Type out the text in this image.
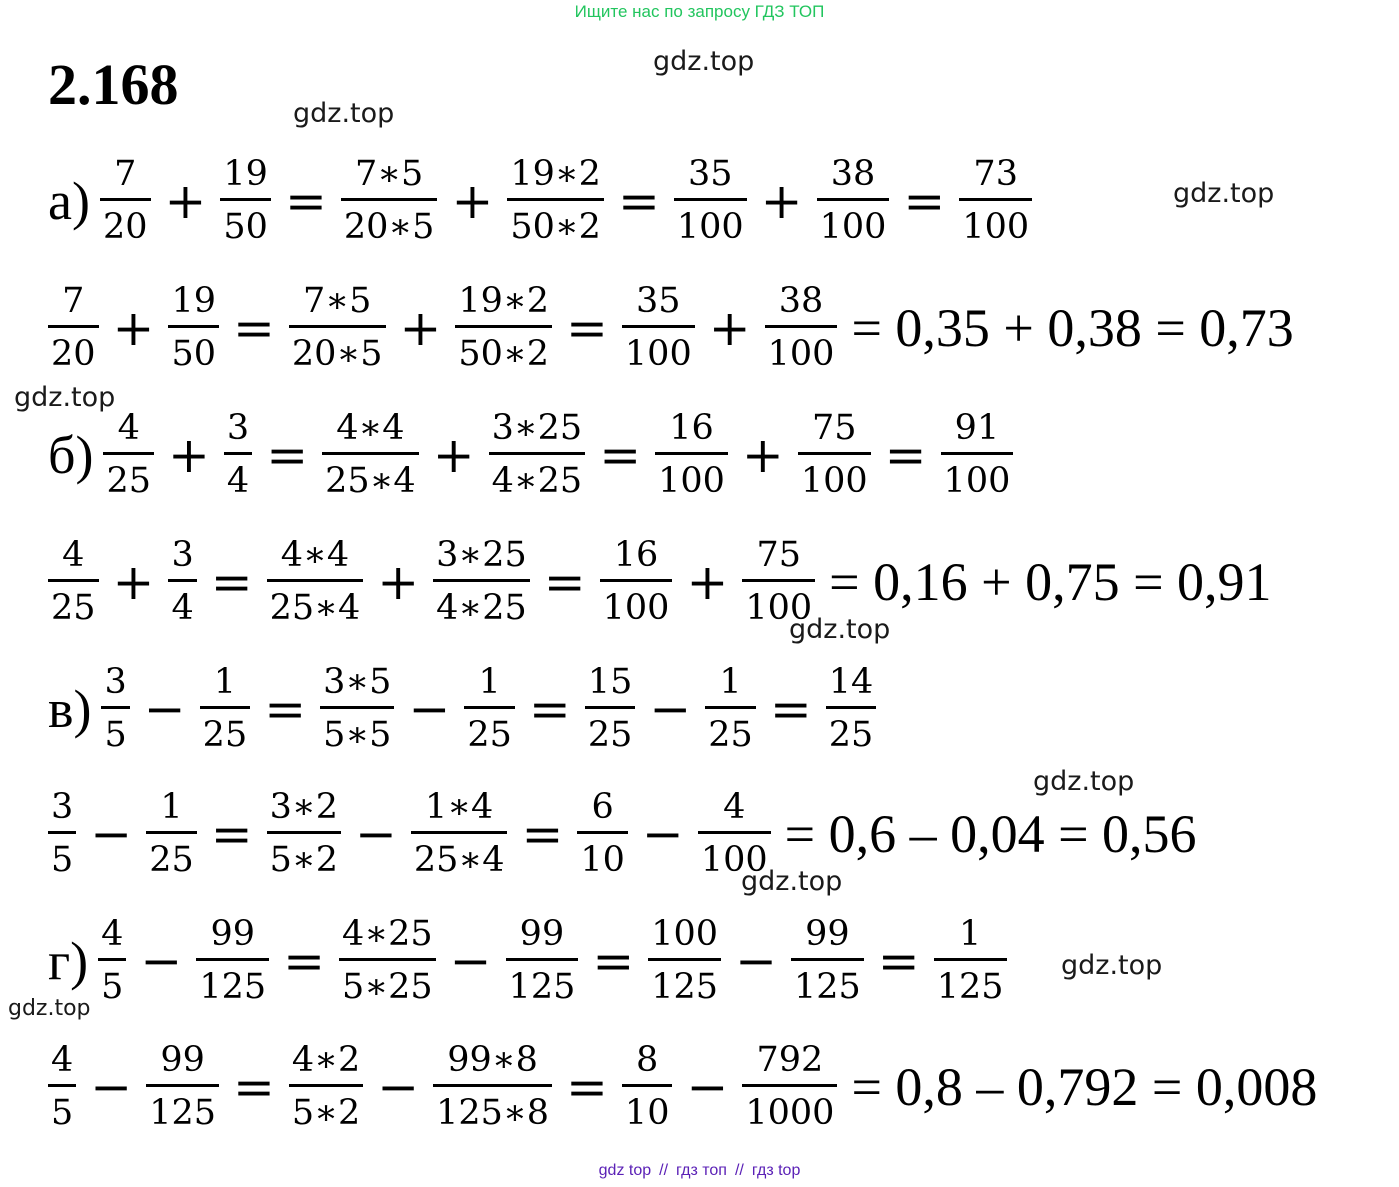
Ищите нас по запросу ГДЗ ТОП
2.168	gdz.top
gdz.top
gdz.top
gdz.top
gdz.top
gdz.top
gdz.top
gdz.top
gdz.top
$а) \frac{7}{20} + \frac{19}{50} = \frac{7∗5}{20∗5} + \frac{19∗2}{50∗2} = \frac{35}{100} + \frac{38}{100} = \frac{73}{100}$
$\frac{7}{20} + \frac{19}{50} = \frac{7∗5}{20∗5} + \frac{19∗2}{50∗2} = \frac{35}{100} + \frac{38}{100} = 0,35 + 0,38 = 0,73$
$б) \frac{4}{25} + \frac{3}{4} = \frac{4∗4}{25∗4} + \frac{3∗25}{4∗25} = \frac{16}{100} + \frac{75}{100} = \frac{91}{100}$
$\frac{4}{25} + \frac{3}{4} = \frac{4∗4}{25∗4} + \frac{3∗25}{4∗25} = \frac{16}{100} + \frac{75}{100} = 0,16 + 0,75 = 0,91$
$в) \frac{3}{5} - \frac{1}{25} = \frac{3∗5}{5∗5} - \frac{1}{25} = \frac{15}{25} - \frac{1}{25} = \frac{14}{25}$
$\frac{3}{5} - \frac{1}{25} = \frac{3∗2}{5∗2} - \frac{1∗4}{25∗4} = \frac{6}{10} - \frac{4}{100} = 0,6 - 0,04 = 0,56$
$г) \frac{4}{5} - \frac{99}{125} = \frac{4∗25}{5∗25} - \frac{99}{125} = \frac{100}{125} - \frac{99}{125} = \frac{1}{125}$
$\frac{4}{5} - \frac{99}{125} = \frac{4∗2}{5∗2} - \frac{99∗8}{125∗8} = \frac{8}{10} - \frac{792}{1000} = 0,8 - 0,792 = 0,008$
gdz top // гдз топ // гдз top
